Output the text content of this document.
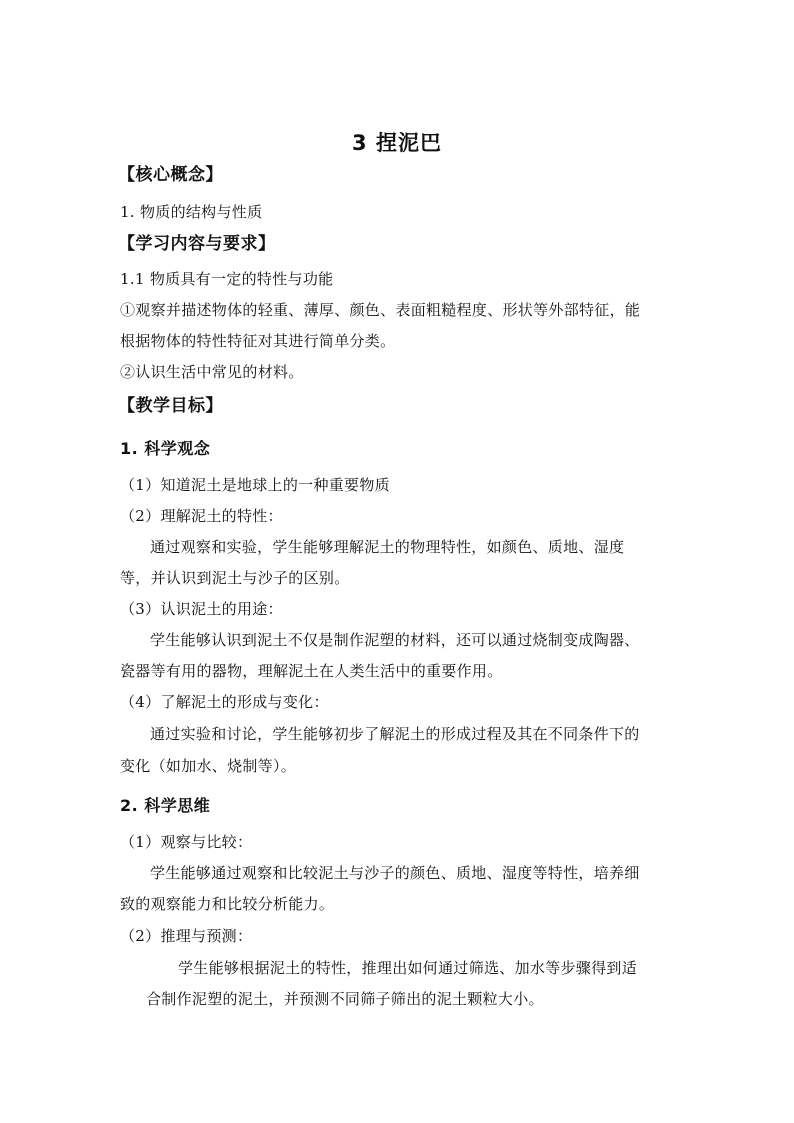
3 捏泥巴
【核心概念】
1. 物质的结构与性质
【学习内容与要求】
1.1 物质具有一定的特性与功能
①观察并描述物体的轻重、薄厚、颜色、表面粗糙程度、形状等外部特征，能
根据物体的特性特征对其进行简单分类。
②认识生活中常见的材料。
【教学目标】
1. 科学观念
（1）知道泥土是地球上的一种重要物质
（2）理解泥土的特性：
通过观察和实验，学生能够理解泥土的物理特性，如颜色、质地、湿度
等，并认识到泥土与沙子的区别。
（3）认识泥土的用途：
学生能够认识到泥土不仅是制作泥塑的材料，还可以通过烧制变成陶器、
瓷器等有用的器物，理解泥土在人类生活中的重要作用。
（4）了解泥土的形成与变化：
通过实验和讨论，学生能够初步了解泥土的形成过程及其在不同条件下的
变化（如加水、烧制等）。
2. 科学思维
（1）观察与比较：
学生能够通过观察和比较泥土与沙子的颜色、质地、湿度等特性，培养细
致的观察能力和比较分析能力。
（2）推理与预测：
学生能够根据泥土的特性，推理出如何通过筛选、加水等步骤得到适
合制作泥塑的泥土，并预测不同筛子筛出的泥土颗粒大小。
